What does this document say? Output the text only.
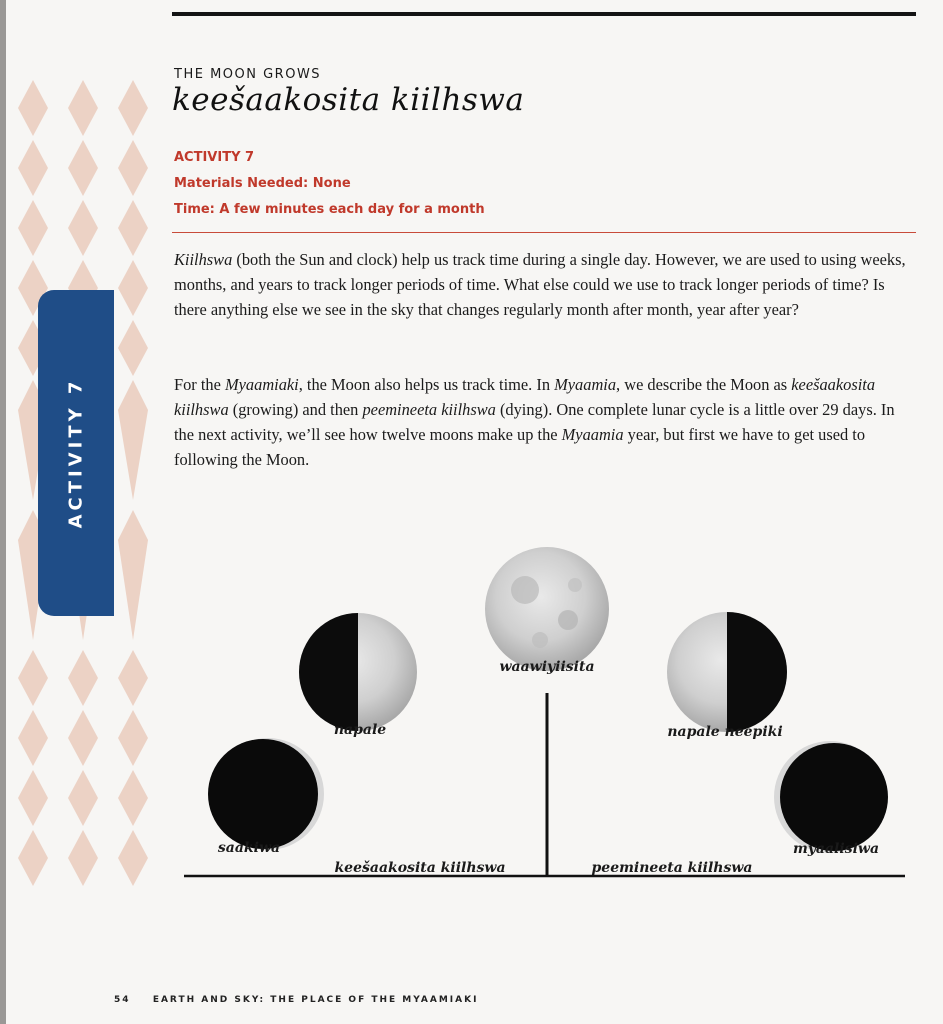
THE MOON GROWS
keešaakosita kiilhswa
ACTIVITY 7
Materials Needed: None
Time: A few minutes each day for a month
Kiilhswa (both the Sun and clock) help us track time during a single day. However, we are used to using weeks, months, and years to track longer periods of time. What else could we use to track longer periods of time? Is there anything else we see in the sky that changes regularly month after month, year after year?
For the Myaamiaki, the Moon also helps us track time. In Myaamia, we describe the Moon as keešaakosita kiilhswa (growing) and then peemineeta kiilhswa (dying). One complete lunar cycle is a little over 29 days. In the next activity, we’ll see how twelve moons make up the Myaamia year, but first we have to get used to following the Moon.
ACTIVITY 7
waawiyiisita
napale	napale neepiki
saakiwa	myaalisiwa
keešaakosita kiilhswa	peemineeta kiilhswa
54 EARTH AND SKY: THE PLACE OF THE MYAAMIAKI
